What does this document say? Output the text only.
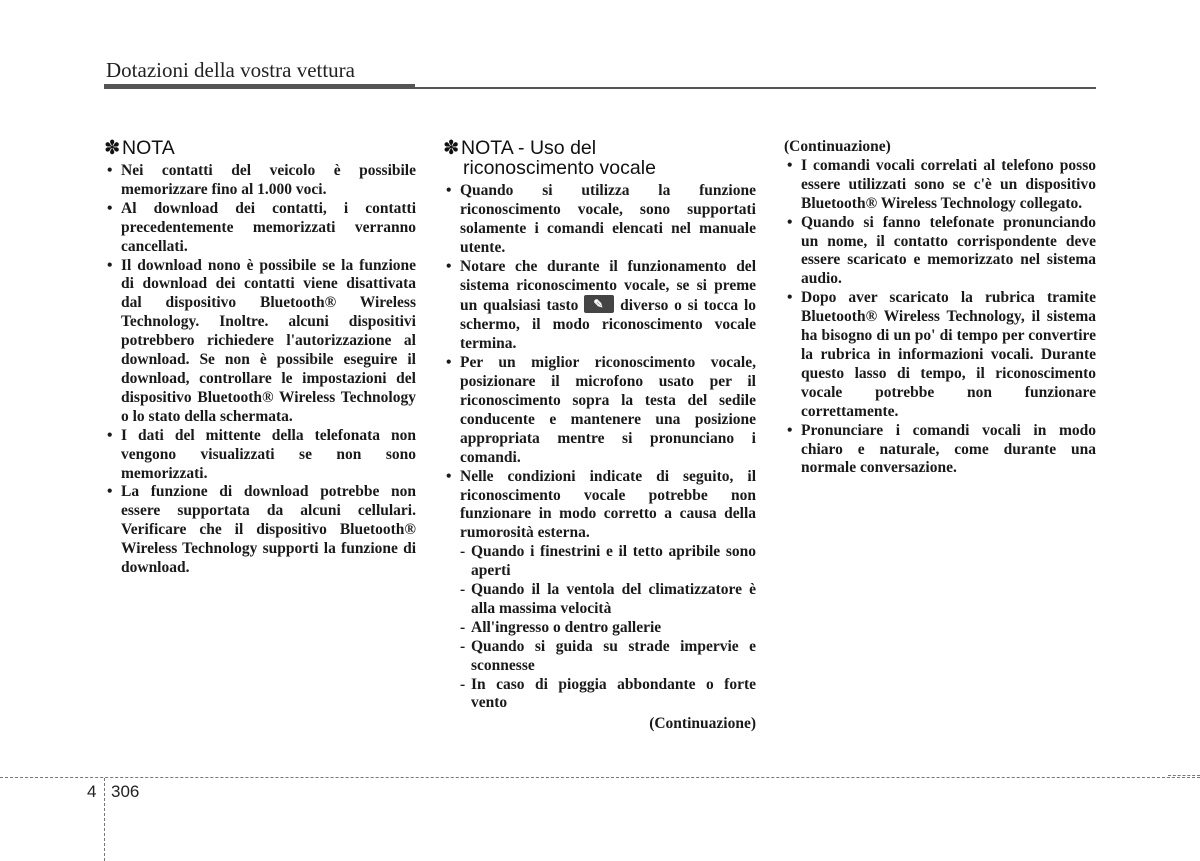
Dotazioni della vostra vettura
✽NOTA
• Nei contatti del veicolo è possibile memorizzare fino al 1.000 voci.
• Al download dei contatti, i contatti precedentemente memorizzati verranno cancellati.
• Il download nono è possibile se la funzione di download dei contatti viene disattivata dal dispositivo Bluetooth® Wireless Technology. Inoltre. alcuni dispositivi potrebbero richiedere l'autorizzazione al download. Se non è possibile eseguire il download, controllare le impostazioni del dispositivo Bluetooth® Wireless Technology o lo stato della schermata.
• I dati del mittente della telefonata non vengono visualizzati se non sono memorizzati.
• La funzione di download potrebbe non essere supportata da alcuni cellulari. Verificare che il dispositivo Bluetooth® Wireless Technology supporti la funzione di download.
✽NOTA - Uso del
riconoscimento vocale
• Quando si utilizza la funzione riconoscimento vocale, sono supportati solamente i comandi elencati nel manuale utente.
• Notare che durante il funzionamento del sistema riconoscimento vocale, se si preme un qualsiasi tasto✎	diverso o si tocca lo schermo, il modo riconoscimento vocale termina.
• Per un miglior riconoscimento vocale, posizionare il microfono usato per il riconoscimento sopra la testa del sedile conducente e mantenere una posizione appropriata mentre si pronunciano i comandi.
• Nelle condizioni indicate di seguito, il riconoscimento vocale potrebbe non funzionare in modo corretto a causa della rumorosità esterna.
- Quando i finestrini e il tetto apribile sono aperti
- Quando il la ventola del climatizzatore è alla massima velocità
- All'ingresso o dentro gallerie
- Quando si guida su strade impervie e sconnesse
- In caso di pioggia abbondante o forte vento
(Continuazione)
(Continuazione)
• I comandi vocali correlati al telefono posso essere utilizzati sono se c'è un dispositivo Bluetooth® Wireless Technology collegato.
• Quando si fanno telefonate pronunciando un nome, il contatto corrispondente deve essere scaricato e memorizzato nel sistema audio.
• Dopo aver scaricato la rubrica tramite Bluetooth® Wireless Technology, il sistema ha bisogno di un po' di tempo per convertire la rubrica in informazioni vocali. Durante questo lasso di tempo, il riconoscimento vocale potrebbe non funzionare correttamente.
• Pronunciare i comandi vocali in modo chiaro e naturale, come durante una normale conversazione.
4 306
